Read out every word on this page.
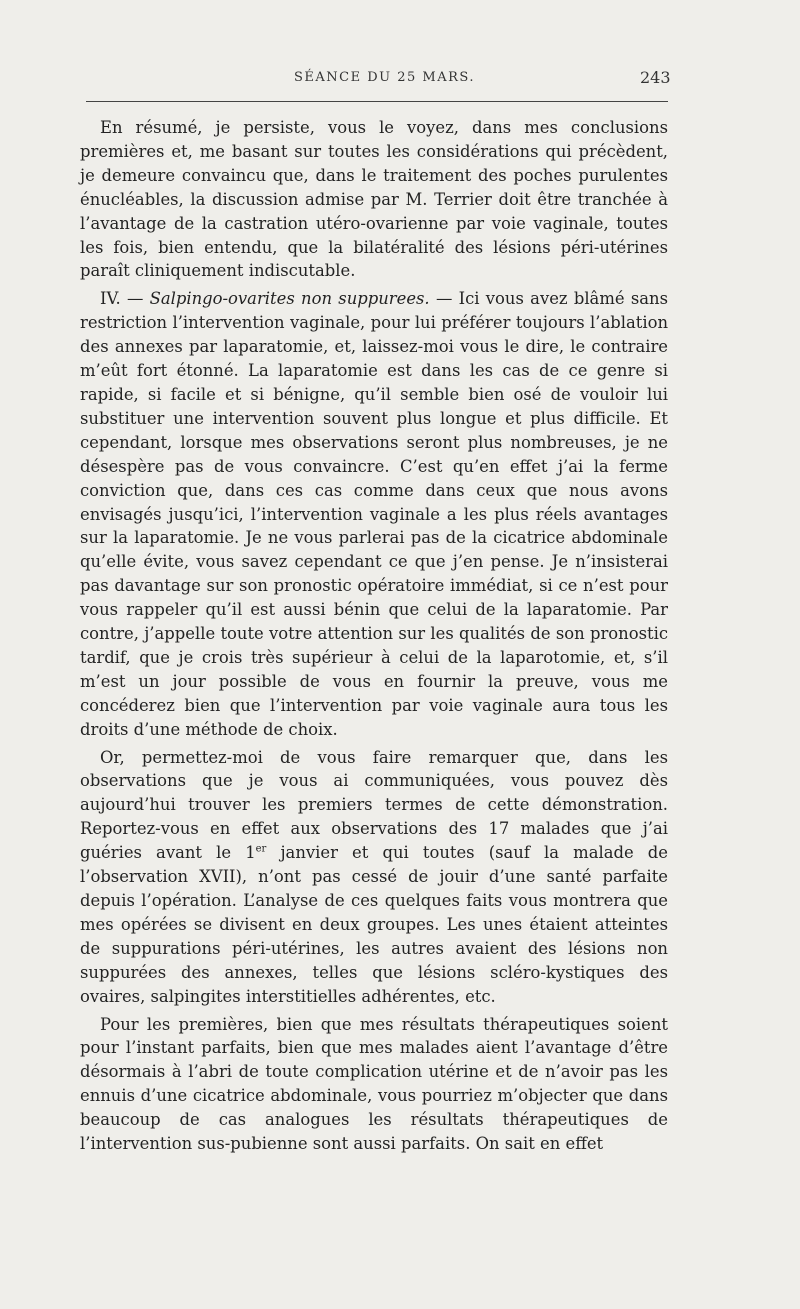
SÉANCE DU 25 MARS.	243

En résumé, je persiste, vous le voyez, dans mes conclusions premières et, me basant sur toutes les considérations qui précèdent, je demeure convaincu que, dans le traitement des poches purulentes énucléables, la discussion admise par M. Terrier doit être tranchée à l’avantage de la castration utéro-ovarienne par voie vaginale, toutes les fois, bien entendu, que la bilatéralité des lésions péri-utérines paraît cliniquement indiscutable.

IV. — Salpingo-ovarites non suppurees. — Ici vous avez blâmé sans restriction l’intervention vaginale, pour lui préférer toujours l’ablation des annexes par laparatomie, et, laissez-moi vous le dire, le contraire m’eût fort étonné. La laparatomie est dans les cas de ce genre si rapide, si facile et si bénigne, qu’il semble bien osé de vouloir lui substituer une intervention souvent plus longue et plus difficile. Et cependant, lorsque mes observations seront plus nombreuses, je ne désespère pas de vous convaincre. C’est qu’en effet j’ai la ferme conviction que, dans ces cas comme dans ceux que nous avons envisagés jusqu’ici, l’intervention vaginale a les plus réels avantages sur la laparatomie. Je ne vous parlerai pas de la cicatrice abdominale qu’elle évite, vous savez cependant ce que j’en pense. Je n’insisterai pas davantage sur son pronostic opératoire immédiat, si ce n’est pour vous rappeler qu’il est aussi bénin que celui de la laparatomie. Par contre, j’appelle toute votre attention sur les qualités de son pronostic tardif, que je crois très supérieur à celui de la laparotomie, et, s’il m’est un jour possible de vous en fournir la preuve, vous me concéderez bien que l’intervention par voie vaginale aura tous les droits d’une méthode de choix.

Or, permettez-moi de vous faire remarquer que, dans les observations que je vous ai communiquées, vous pouvez dès aujourd’hui trouver les premiers termes de cette démonstration. Reportez-vous en effet aux observations des 17 malades que j’ai guéries avant le 1er janvier et qui toutes (sauf la malade de l’observation XVII), n’ont pas cessé de jouir d’une santé parfaite depuis l’opération. L’analyse de ces quelques faits vous montrera que mes opérées se divisent en deux groupes. Les unes étaient atteintes de suppurations péri-utérines, les autres avaient des lésions non suppurées des annexes, telles que lésions scléro-kystiques des ovaires, salpingites interstitielles adhérentes, etc.

Pour les premières, bien que mes résultats thérapeutiques soient pour l’instant parfaits, bien que mes malades aient l’avantage d’être désormais à l’abri de toute complication utérine et de n’avoir pas les ennuis d’une cicatrice abdominale, vous pourriez m’objecter que dans beaucoup de cas analogues les résultats thérapeutiques de l’intervention sus-pubienne sont aussi parfaits. On sait en effet
